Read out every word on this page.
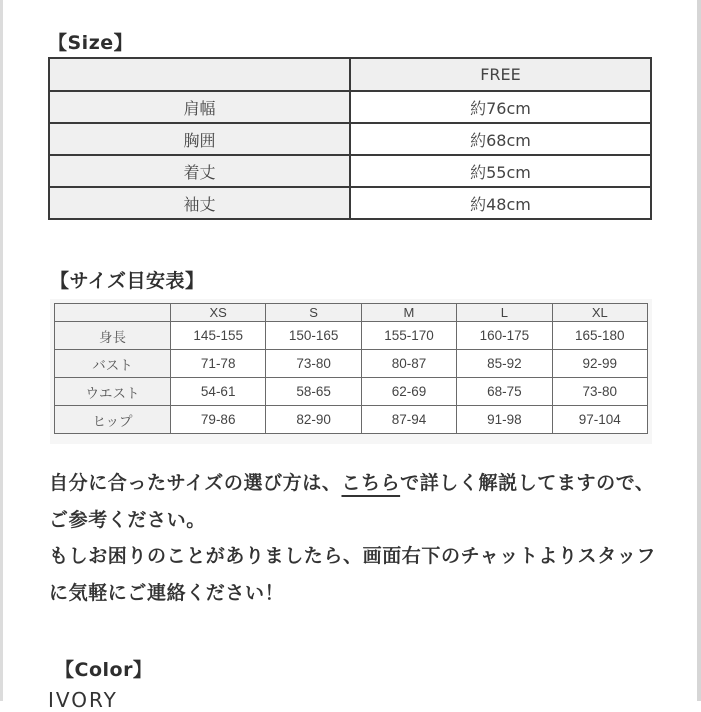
【Size】
	FREE
肩幅	約76cm
胸囲	約68cm
着丈	約55cm
袖丈	約48cm
【サイズ目安表】
	XS	S	M	L	XL
身長	145-155	150-165	155-170	160-175	165-180
バスト	71-78	73-80	80-87	85-92	92-99
ウエスト	54-61	58-65	62-69	68-75	73-80
ヒップ	79-86	82-90	87-94	91-98	97-104
自分に合ったサイズの選び方は、こちらで詳しく解説してますので、ご参考ください。
もしお困りのことがありましたら、画面右下のチャットよりスタッフに気軽にご連絡ください！
【Color】
IVORY
